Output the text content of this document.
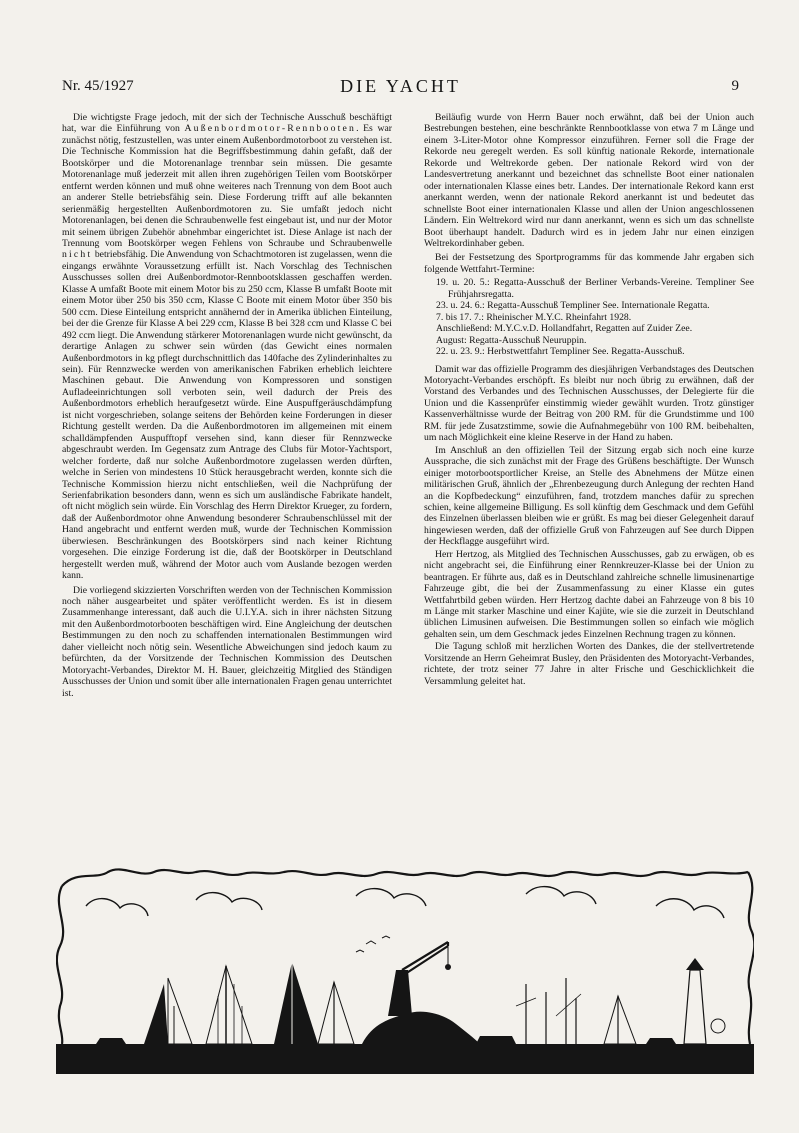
Nr. 45/1927	DIE YACHT	9

Die wichtigste Frage jedoch, mit der sich der Technische Ausschuß beschäftigt hat, war die Einführung von Außenbordmotor-Rennbooten. Es war zunächst nötig, festzustellen, was unter einem Außenbordmotorboot zu verstehen ist. Die Technische Kommission hat die Begriffsbestimmung dahin gefaßt, daß der Bootskörper und die Motorenanlage trennbar sein müssen. Die gesamte Motorenanlage muß jederzeit mit allen ihren zugehörigen Teilen vom Bootskörper entfernt werden können und muß ohne weiteres nach Trennung von dem Boot auch an anderer Stelle betriebsfähig sein. Diese Forderung trifft auf alle bekannten serienmäßig hergestellten Außenbordmotoren zu. Sie umfaßt jedoch nicht Motorenanlagen, bei denen die Schraubenwelle fest eingebaut ist, und nur der Motor mit seinem übrigen Zubehör abnehmbar eingerichtet ist. Diese Anlage ist nach der Trennung vom Bootskörper wegen Fehlens von Schraube und Schraubenwelle nicht betriebsfähig. Die Anwendung von Schachtmotoren ist zugelassen, wenn die eingangs erwähnte Voraussetzung erfüllt ist. Nach Vorschlag des Technischen Ausschusses sollen drei Außenbordmotor-Rennbootsklassen geschaffen werden. Klasse A umfaßt Boote mit einem Motor bis zu 250 ccm, Klasse B umfaßt Boote mit einem Motor über 250 bis 350 ccm, Klasse C Boote mit einem Motor über 350 bis 500 ccm. Diese Einteilung entspricht annähernd der in Amerika üblichen Einteilung, bei der die Grenze für Klasse A bei 229 ccm, Klasse B bei 328 ccm und Klasse C bei 492 ccm liegt. Die Anwendung stärkerer Motorenanlagen wurde nicht gewünscht, da derartige Anlagen zu schwer sein würden (das Gewicht eines normalen Außenbordmotors in kg pflegt durchschnittlich das 140fache des Zylinderinhaltes zu sein). Für Rennzwecke werden von amerikanischen Fabriken erheblich leichtere Maschinen gebaut. Die Anwendung von Kompressoren und sonstigen Aufladeeinrichtungen soll verboten sein, weil dadurch der Preis des Außenbordmotors erheblich heraufgesetzt würde. Eine Auspuffgeräuschdämpfung ist nicht vorgeschrieben, solange seitens der Behörden keine Forderungen in dieser Richtung gestellt werden. Da die Außenbordmotoren im allgemeinen mit einem schalldämpfenden Auspufftopf versehen sind, kann dieser für Rennzwecke abgeschraubt werden. Im Gegensatz zum Antrage des Clubs für Motor-Yachtsport, welcher forderte, daß nur solche Außenbordmotore zugelassen werden dürften, welche in Serien von mindestens 10 Stück herausgebracht werden, konnte sich die Technische Kommission hierzu nicht entschließen, weil die Nachprüfung der Serienfabrikation besonders dann, wenn es sich um ausländische Fabrikate handelt, oft nicht möglich sein würde. Ein Vorschlag des Herrn Direktor Krueger, zu fordern, daß der Außenbordmotor ohne Anwendung besonderer Schraubenschlüssel mit der Hand angebracht und entfernt werden muß, wurde der Technischen Kommission überwiesen. Beschränkungen des Bootskörpers sind nach keiner Richtung vorgesehen. Die einzige Forderung ist die, daß der Bootskörper in Deutschland hergestellt werden muß, während der Motor auch vom Auslande bezogen werden kann.

Die vorliegend skizzierten Vorschriften werden von der Technischen Kommission noch näher ausgearbeitet und später veröffentlicht werden. Es ist in diesem Zusammenhange interessant, daß auch die U.I.Y.A. sich in ihrer nächsten Sitzung mit den Außenbordmotorbooten beschäftigen wird. Eine Angleichung der deutschen Bestimmungen zu den noch zu schaffenden internationalen Bestimmungen wird daher vielleicht noch nötig sein. Wesentliche Abweichungen sind jedoch kaum zu befürchten, da der Vorsitzende der Technischen Kommission des Deutschen Motoryacht-Verbandes, Direktor M. H. Bauer, gleichzeitig Mitglied des Ständigen Ausschusses der Union und somit über alle internationalen Fragen genau unterrichtet ist.

Beiläufig wurde von Herrn Bauer noch erwähnt, daß bei der Union auch Bestrebungen bestehen, eine beschränkte Rennbootklasse von etwa 7 m Länge und einem 3-Liter-Motor ohne Kompressor einzuführen. Ferner soll die Frage der Rekorde neu geregelt werden. Es soll künftig nationale Rekorde, internationale Rekorde und Weltrekorde geben. Der nationale Rekord wird von der Landesvertretung anerkannt und bezeichnet das schnellste Boot einer nationalen oder internationalen Klasse eines betr. Landes. Der internationale Rekord kann erst anerkannt werden, wenn der nationale Rekord anerkannt ist und bedeutet das schnellste Boot einer internationalen Klasse und allen der Union angeschlossenen Ländern. Ein Weltrekord wird nur dann anerkannt, wenn es sich um das schnellste Boot überhaupt handelt. Dadurch wird es in jedem Jahr nur einen einzigen Weltrekordinhaber geben.

Bei der Festsetzung des Sportprogramms für das kommende Jahr ergaben sich folgende Wettfahrt-Termine:

19. u. 20. 5.: Regatta-Ausschuß der Berliner Verbands-Vereine. Templiner See Frühjahrsregatta.
23. u. 24. 6.: Regatta-Ausschuß Templiner See. Internationale Regatta.
7. bis 17. 7.: Rheinischer M.Y.C. Rheinfahrt 1928.
Anschließend: M.Y.C.v.D. Hollandfahrt, Regatten auf Zuider Zee.
August: Regatta-Ausschuß Neuruppin.
22. u. 23. 9.: Herbstwettfahrt Templiner See. Regatta-Ausschuß.

Damit war das offizielle Programm des diesjährigen Verbandstages des Deutschen Motoryacht-Verbandes erschöpft. Es bleibt nur noch übrig zu erwähnen, daß der Vorstand des Verbandes und des Technischen Ausschusses, der Delegierte für die Union und die Kassenprüfer einstimmig wieder gewählt wurden. Trotz günstiger Kassenverhältnisse wurde der Beitrag von 200 RM. für die Grundstimme und 100 RM. für jede Zusatzstimme, sowie die Aufnahmegebühr von 100 RM. beibehalten, um nach Möglichkeit eine kleine Reserve in der Hand zu haben.

Im Anschluß an den offiziellen Teil der Sitzung ergab sich noch eine kurze Aussprache, die sich zunächst mit der Frage des Grüßens beschäftigte. Der Wunsch einiger motorbootsportlicher Kreise, an Stelle des Abnehmens der Mütze einen militärischen Gruß, ähnlich der „Ehrenbezeugung durch Anlegung der rechten Hand an die Kopfbedeckung“ einzuführen, fand, trotzdem manches dafür zu sprechen schien, keine allgemeine Billigung. Es soll künftig dem Geschmack und dem Gefühl des Einzelnen überlassen bleiben wie er grüßt. Es mag bei dieser Gelegenheit darauf hingewiesen werden, daß der offizielle Gruß von Fahrzeugen auf See durch Dippen der Heckflagge ausgeführt wird.

Herr Hertzog, als Mitglied des Technischen Ausschusses, gab zu erwägen, ob es nicht angebracht sei, die Einführung einer Rennkreuzer-Klasse bei der Union zu beantragen. Er führte aus, daß es in Deutschland zahlreiche schnelle limusinenartige Fahrzeuge gibt, die bei der Zusammenfassung zu einer Klasse ein gutes Wettfahrtbild geben würden. Herr Hertzog dachte dabei an Fahrzeuge von 8 bis 10 m Länge mit starker Maschine und einer Kajüte, wie sie die zurzeit in Deutschland üblichen Limusinen aufweisen. Die Bestimmungen sollen so einfach wie möglich gehalten sein, um dem Geschmack jedes Einzelnen Rechnung tragen zu können.

Die Tagung schloß mit herzlichen Worten des Dankes, die der stellvertretende Vorsitzende an Herrn Geheimrat Busley, den Präsidenten des Motoryacht-Verbandes, richtete, der trotz seiner 77 Jahre in alter Frische und Geschicklichkeit die Versammlung geleitet hat.
